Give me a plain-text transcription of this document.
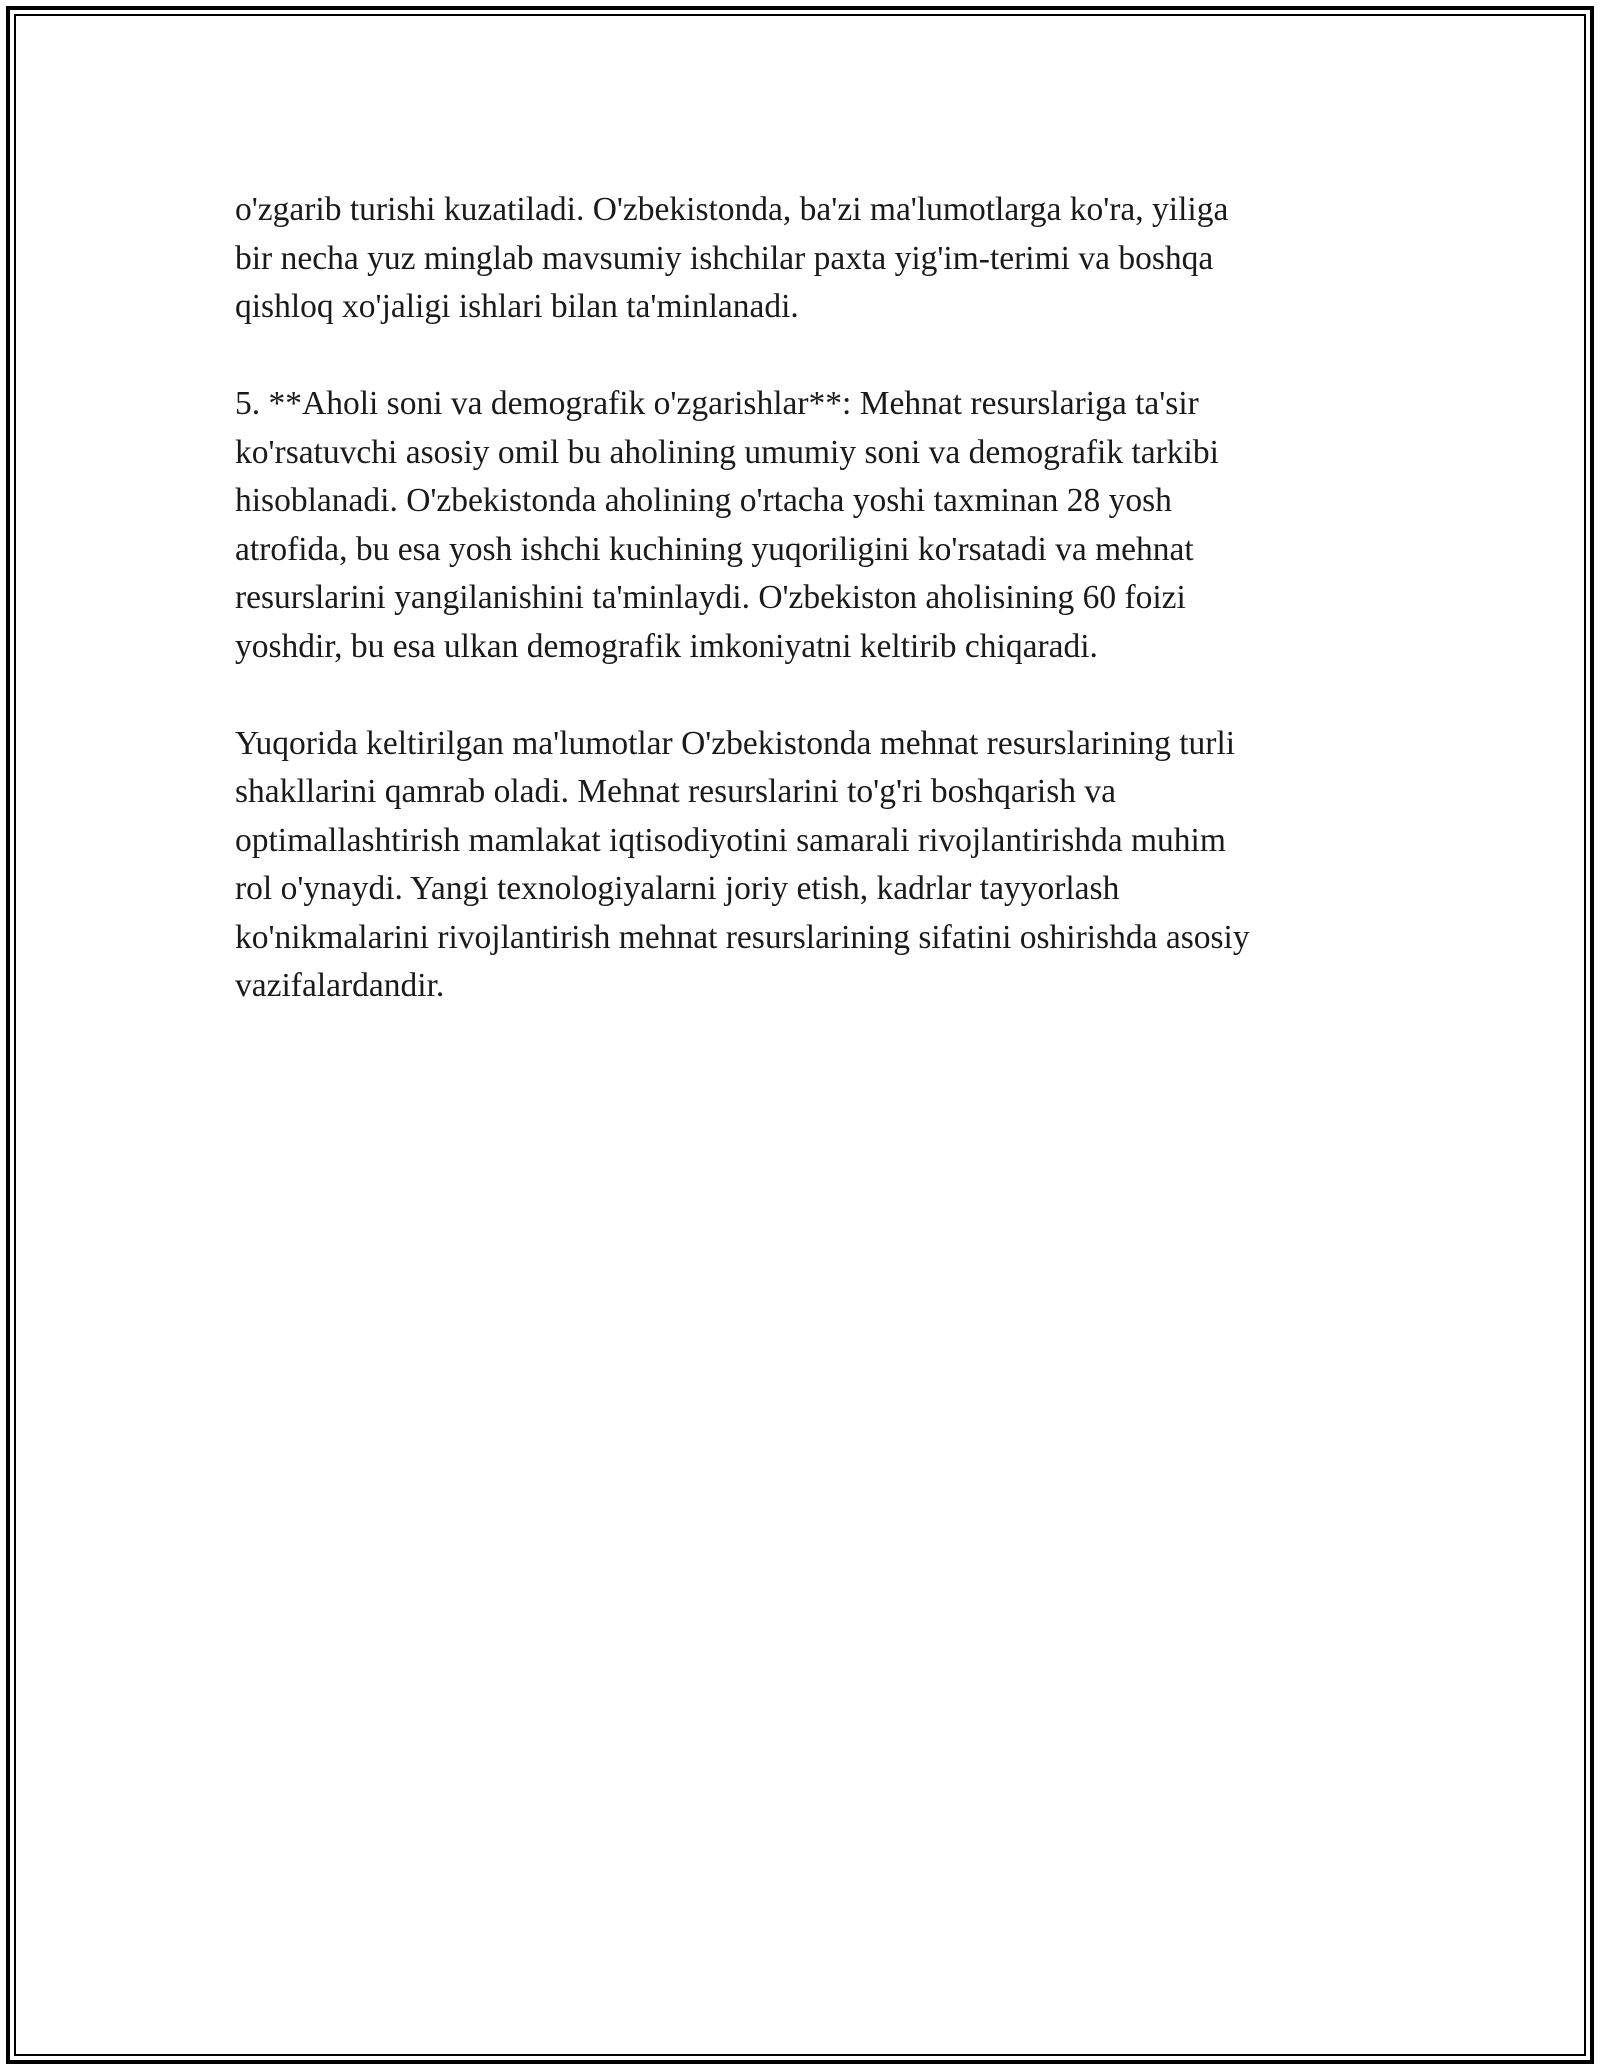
o'zgarib turishi kuzatiladi. O'zbekistonda, ba'zi ma'lumotlarga ko'ra, yiliga
bir necha yuz minglab mavsumiy ishchilar paxta yig'im-terimi va boshqa
qishloq xo'jaligi ishlari bilan ta'minlanadi.

5. **Aholi soni va demografik o'zgarishlar**: Mehnat resurslariga ta'sir
ko'rsatuvchi asosiy omil bu aholining umumiy soni va demografik tarkibi
hisoblanadi. O'zbekistonda aholining o'rtacha yoshi taxminan 28 yosh
atrofida, bu esa yosh ishchi kuchining yuqoriligini ko'rsatadi va mehnat
resurslarini yangilanishini ta'minlaydi. O'zbekiston aholisining 60 foizi
yoshdir, bu esa ulkan demografik imkoniyatni keltirib chiqaradi.

Yuqorida keltirilgan ma'lumotlar O'zbekistonda mehnat resurslarining turli
shakllarini qamrab oladi. Mehnat resurslarini to'g'ri boshqarish va
optimallashtirish mamlakat iqtisodiyotini samarali rivojlantirishda muhim
rol o'ynaydi. Yangi texnologiyalarni joriy etish, kadrlar tayyorlash
ko'nikmalarini rivojlantirish mehnat resurslarining sifatini oshirishda asosiy
vazifalardandir.
